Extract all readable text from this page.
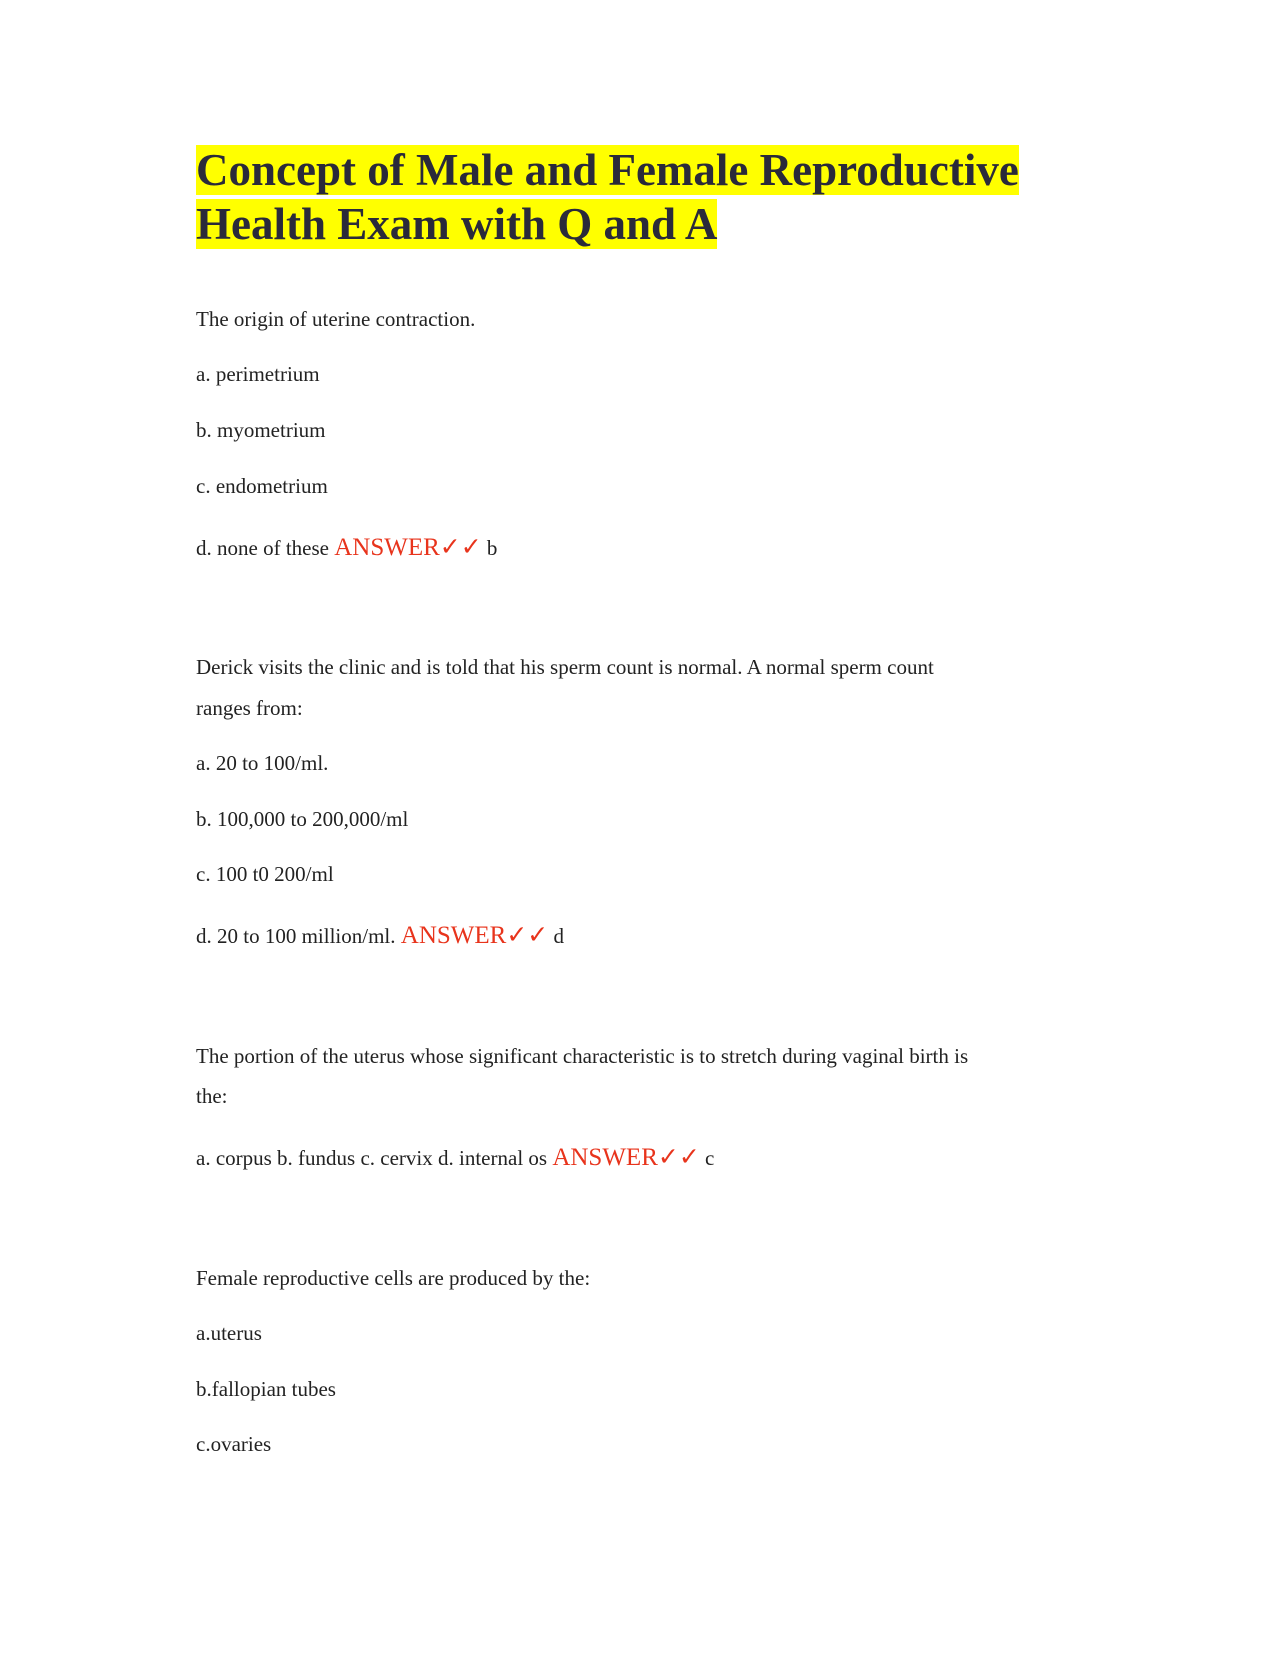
Concept of Male and Female Reproductive
Health Exam with Q and A
The origin of uterine contraction.
a. perimetrium
b. myometrium
c. endometrium
d. none of these ANSWER✓✓ b
Derick visits the clinic and is told that his sperm count is normal. A normal sperm count
ranges from:
a. 20 to 100/ml.
b. 100,000 to 200,000/ml
c. 100 t0 200/ml
d. 20 to 100 million/ml. ANSWER✓✓ d
The portion of the uterus whose significant characteristic is to stretch during vaginal birth is
the:
a. corpus b. fundus c. cervix d. internal os ANSWER✓✓ c
Female reproductive cells are produced by the:
a.uterus
b.fallopian tubes
c.ovaries
